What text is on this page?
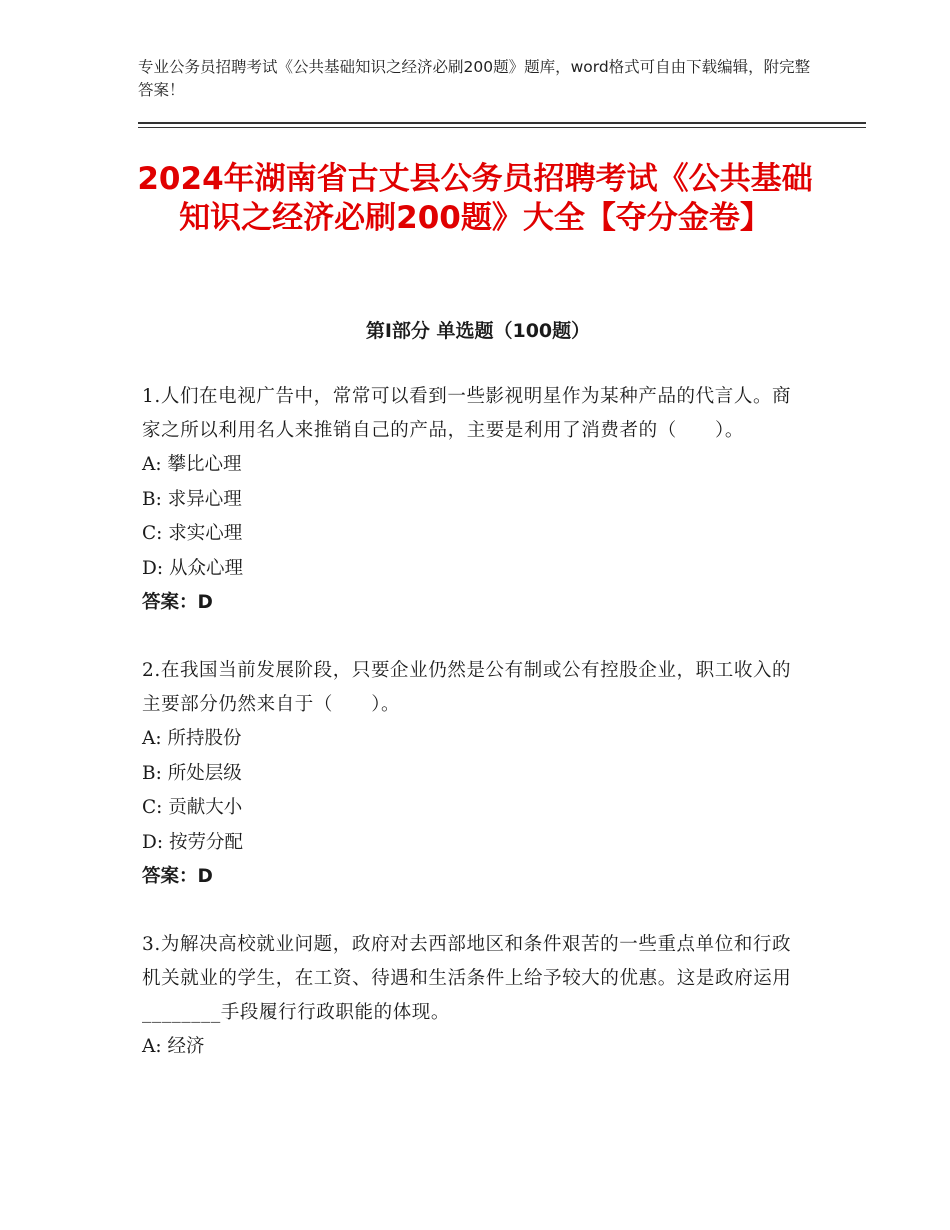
专业公务员招聘考试《公共基础知识之经济必刷200题》题库，word格式可自由下载编辑，附完整答案！
2024年湖南省古丈县公务员招聘考试《公共基础知识之经济必刷200题》大全【夺分金卷】
第Ⅰ部分 单选题（100题）
1.人们在电视广告中，常常可以看到一些影视明星作为某种产品的代言人。商家之所以利用名人来推销自己的产品，主要是利用了消费者的（　　）。
A: 攀比心理
B: 求异心理
C: 求实心理
D: 从众心理
答案：D
2.在我国当前发展阶段，只要企业仍然是公有制或公有控股企业，职工收入的主要部分仍然来自于（　　）。
A: 所持股份
B: 所处层级
C: 贡献大小
D: 按劳分配
答案：D
3.为解决高校就业问题，政府对去西部地区和条件艰苦的一些重点单位和行政机关就业的学生，在工资、待遇和生活条件上给予较大的优惠。这是政府运用________手段履行行政职能的体现。
A: 经济
